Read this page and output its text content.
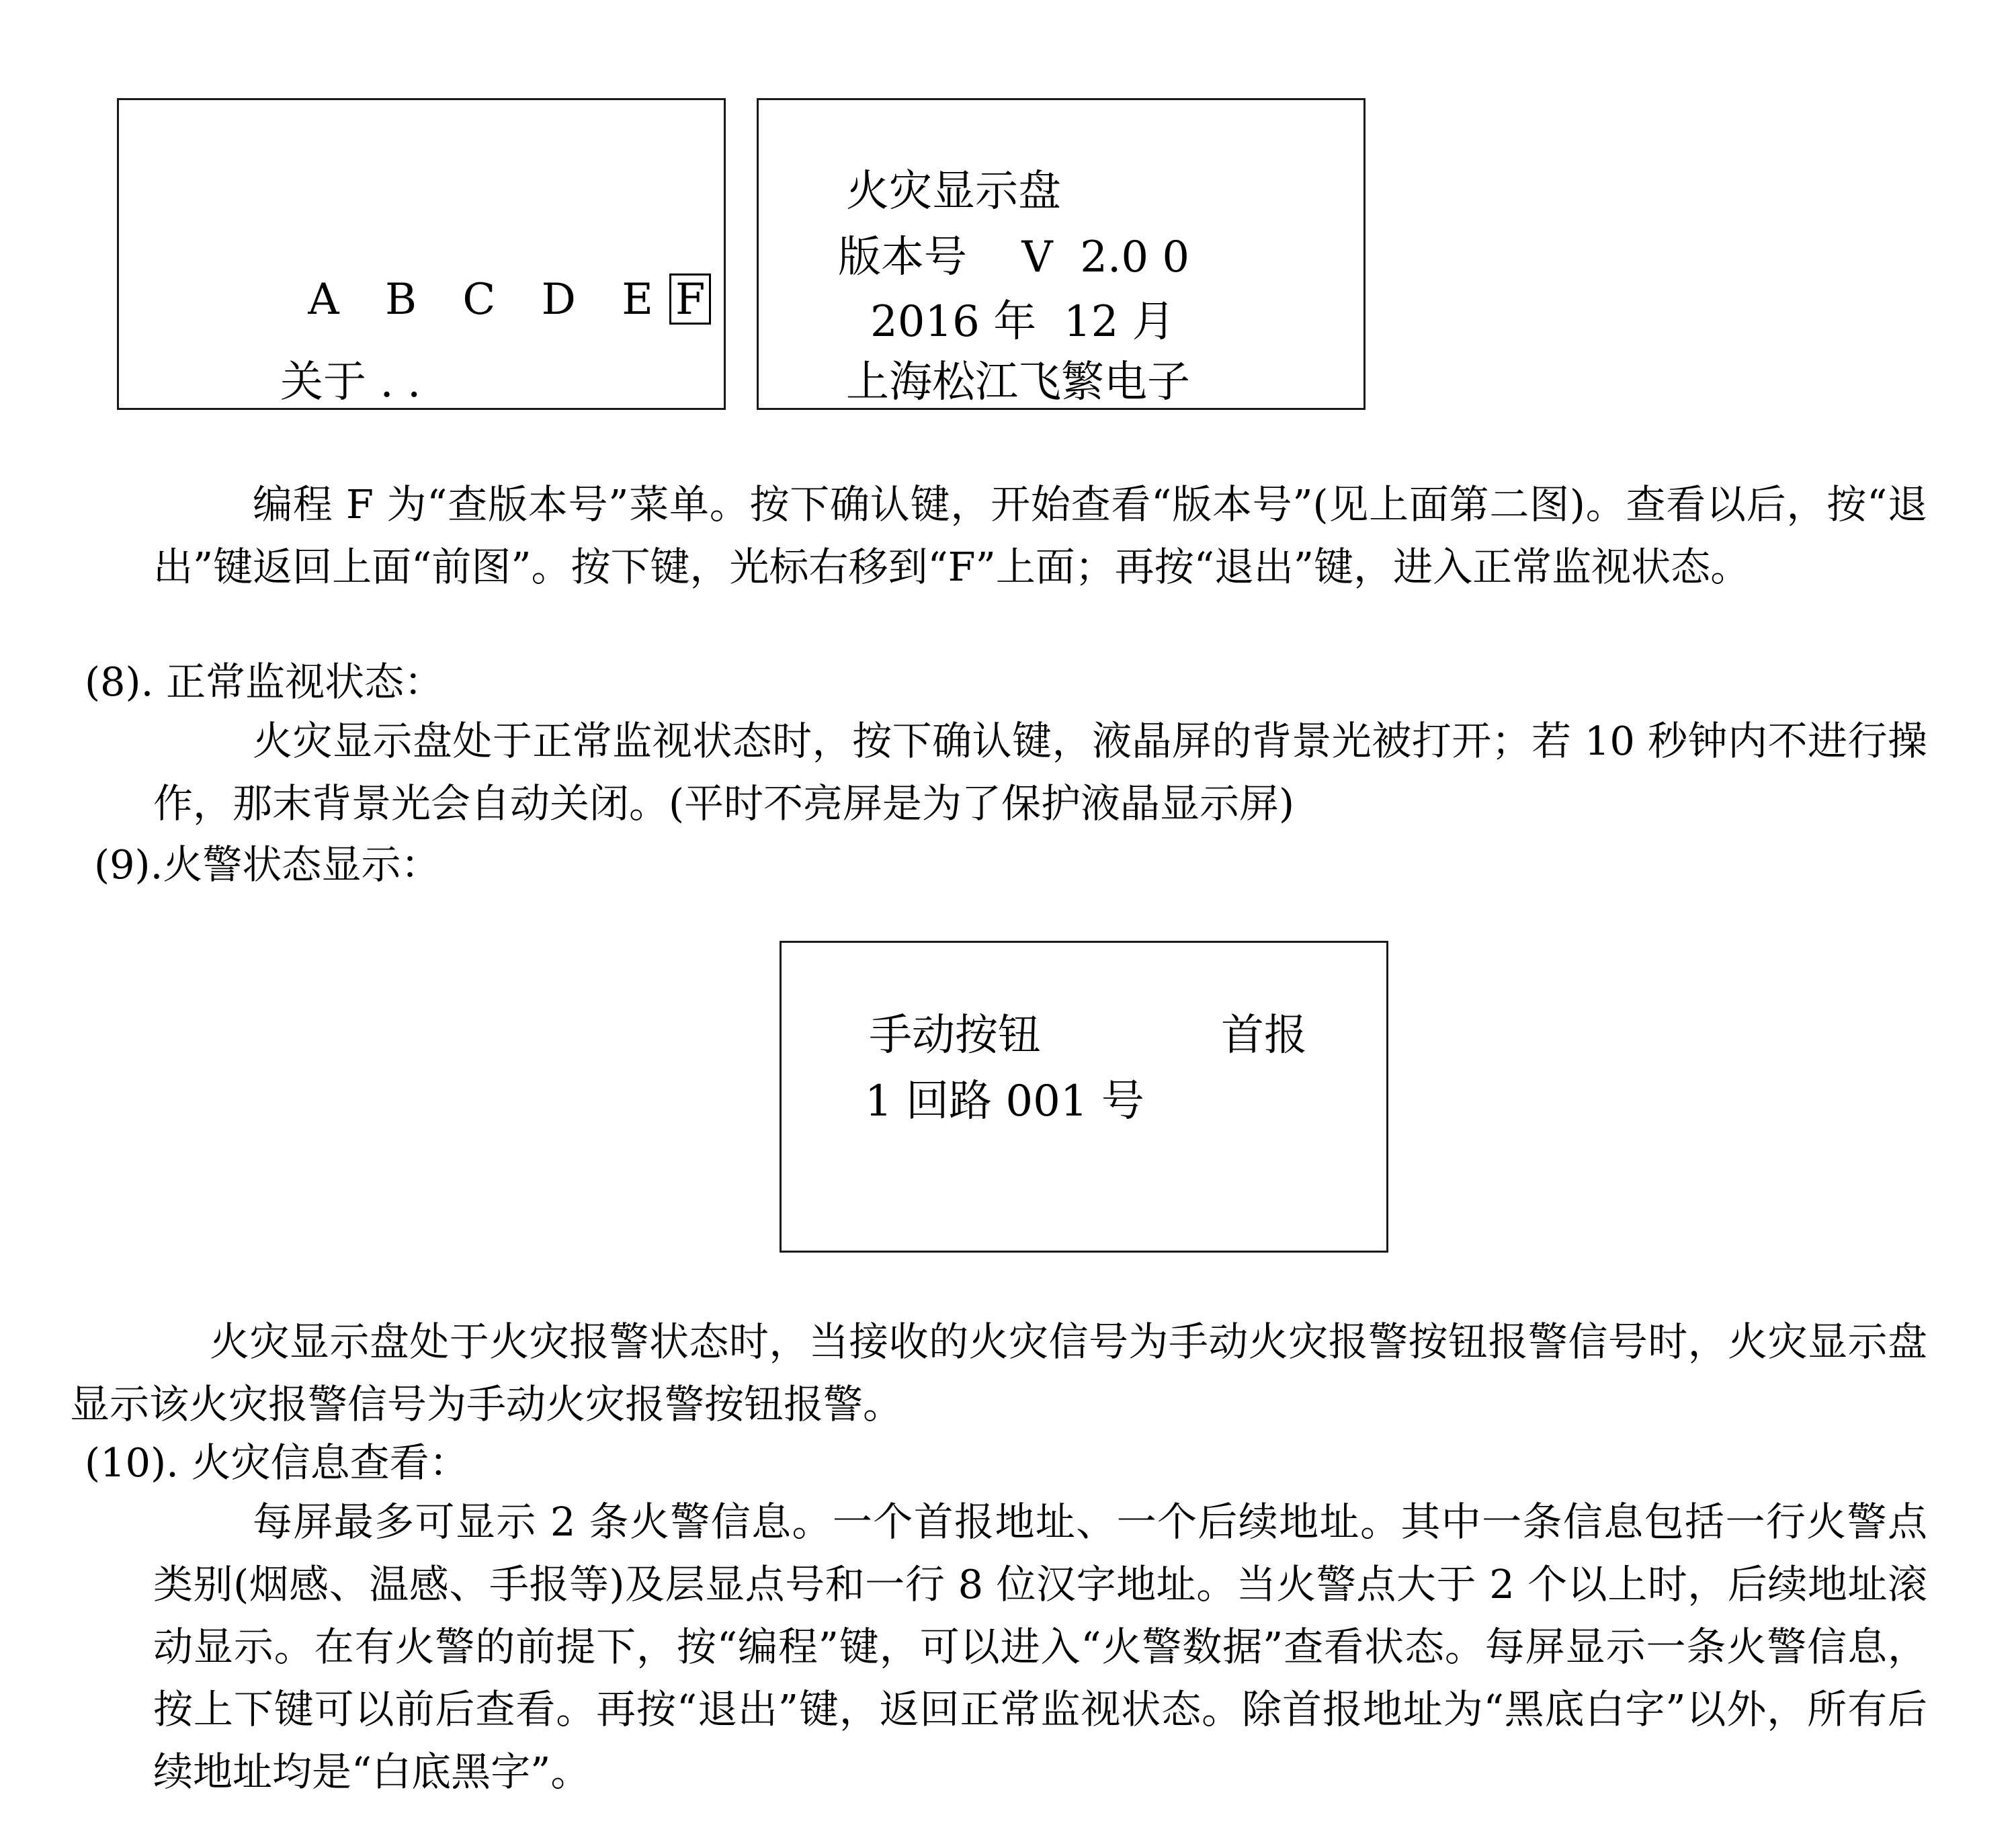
A B C D E F

关于 . .
火灾显示盘
版本号    V  2.0 0
2016 年  12 月
上海松江飞繁电子

编程 F 为“查版本号”菜单。按下确认键，开始查看“版本号”(见上面第二图)。查看以后，按“退出”键返回上面“前图”。按下键，光标右移到“F”上面；再按“退出”键，进入正常监视状态。

(8). 正常监视状态：

火灾显示盘处于正常监视状态时，按下确认键，液晶屏的背景光被打开；若 10 秒钟内不进行操作，那末背景光会自动关闭。(平时不亮屏是为了保护液晶显示屏)

(9).火警状态显示：
手动按钮	首报
1 回路 001 号

火灾显示盘处于火灾报警状态时，当接收的火灾信号为手动火灾报警按钮报警信号时，火灾显示盘显示该火灾报警信号为手动火灾报警按钮报警。

(10). 火灾信息查看：

每屏最多可显示 2 条火警信息。一个首报地址、一个后续地址。其中一条信息包括一行火警点类别(烟感、温感、手报等)及层显点号和一行 8 位汉字地址。当火警点大于 2 个以上时，后续地址滚动显示。在有火警的前提下，按“编程”键，可以进入“火警数据”查看状态。每屏显示一条火警信息，按上下键可以前后查看。再按“退出”键，返回正常监视状态。除首报地址为“黑底白字”以外，所有后续地址均是“白底黑字”。
